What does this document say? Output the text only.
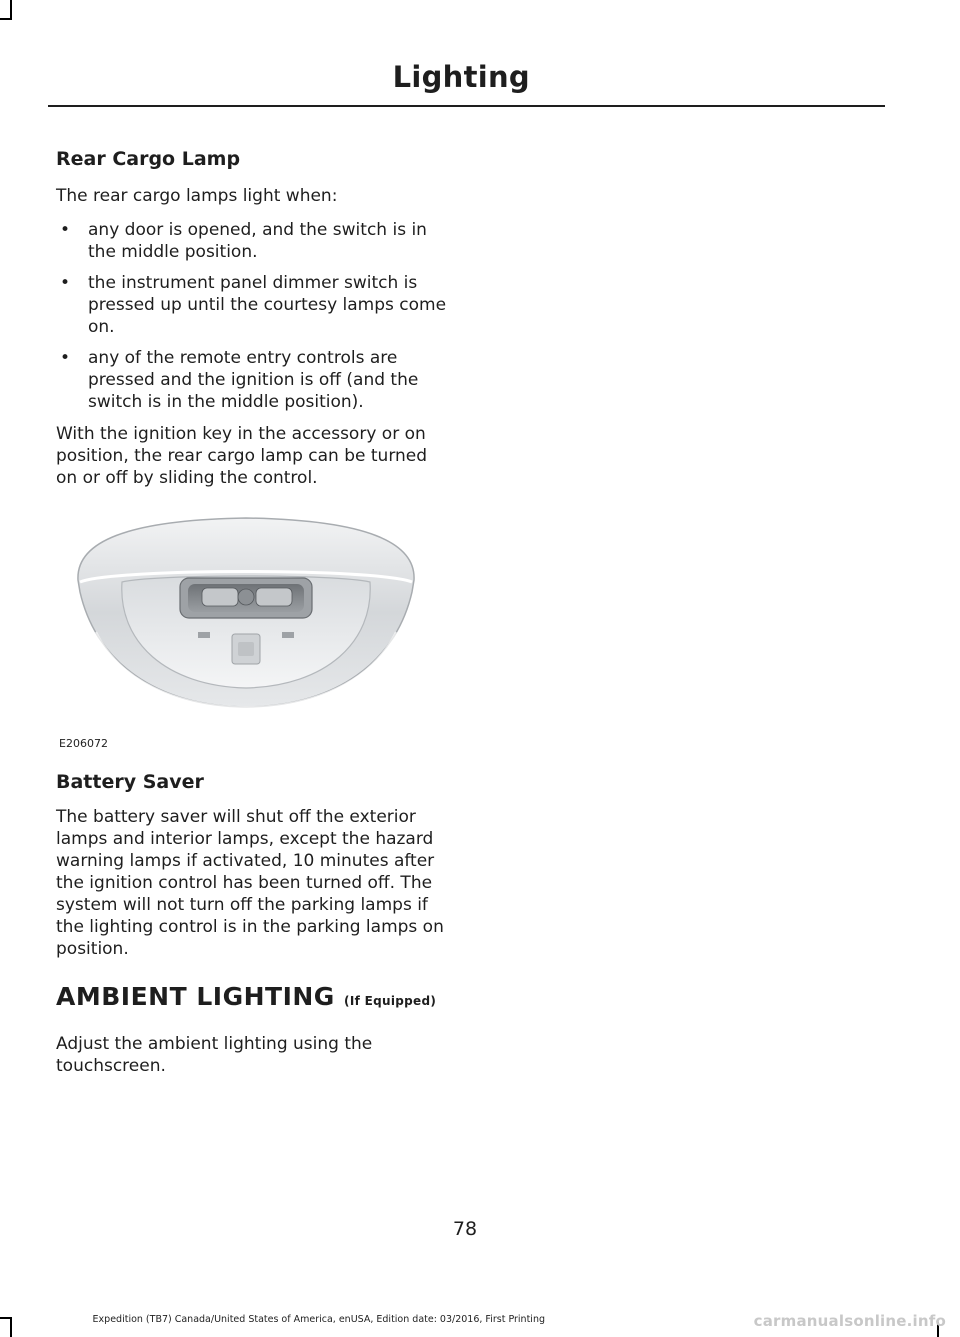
Lighting
Rear Cargo Lamp

The rear cargo lamps light when:

• any door is opened, and the switch is in the middle position.
• the instrument panel dimmer switch is pressed up until the courtesy lamps come on.
• any of the remote entry controls are pressed and the ignition is off (and the switch is in the middle position).

With the ignition key in the accessory or on position, the rear cargo lamp can be turned on or off by sliding the control.

E206072
Battery Saver

The battery saver will shut off the exterior lamps and interior lamps, except the hazard warning lamps if activated, 10 minutes after the ignition control has been turned off. The system will not turn off the parking lamps if the lighting control is in the parking lamps on position.

AMBIENT LIGHTING (If Equipped)

Adjust the ambient lighting using the touchscreen.

78
Expedition (TB7) Canada/United States of America, enUSA, Edition date: 03/2016, First Printing	carmanualsonline.info
